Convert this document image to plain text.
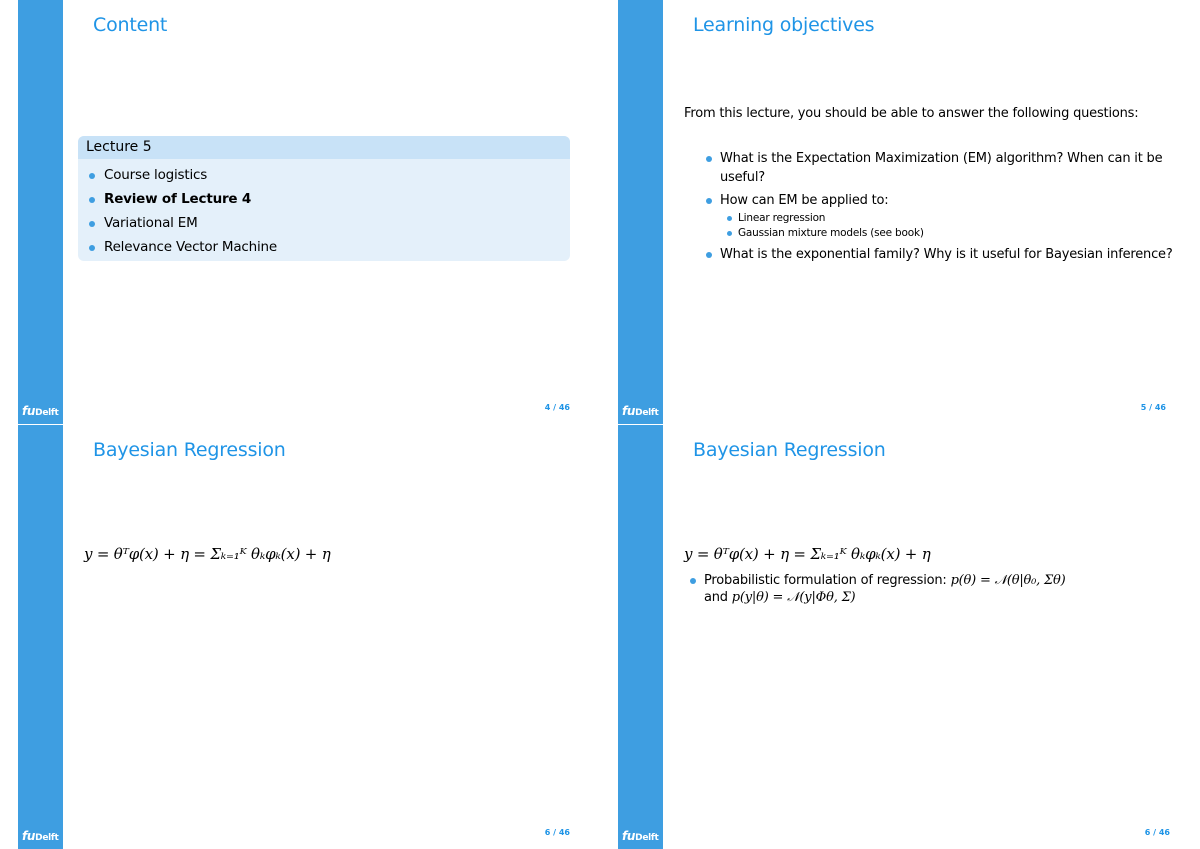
fuDelft
Content
Lecture 5
Course logistics
Review of Lecture 4
Variational EM
Relevance Vector Machine
4 / 46	fuDelft
Learning objectives
From this lecture, you should be able to answer the following questions:
What is the Expectation Maximization (EM) algorithm? When can it be useful?
How can EM be applied to:
Linear regression
Gaussian mixture models (see book)
What is the exponential family? Why is it useful for Bayesian inference?
5 / 46
fuDelft
Bayesian Regression
y = θᵀφ(x) + η = Σₖ₌₁ᴷ θₖφₖ(x) + η
6 / 46	fuDelft
Bayesian Regression
y = θᵀφ(x) + η = Σₖ₌₁ᴷ θₖφₖ(x) + η
Probabilistic formulation of regression: p(θ) = 𝒩(θ|θ₀, Σθ)
and p(y|θ) = 𝒩(y|Φθ, Σ)
6 / 46
